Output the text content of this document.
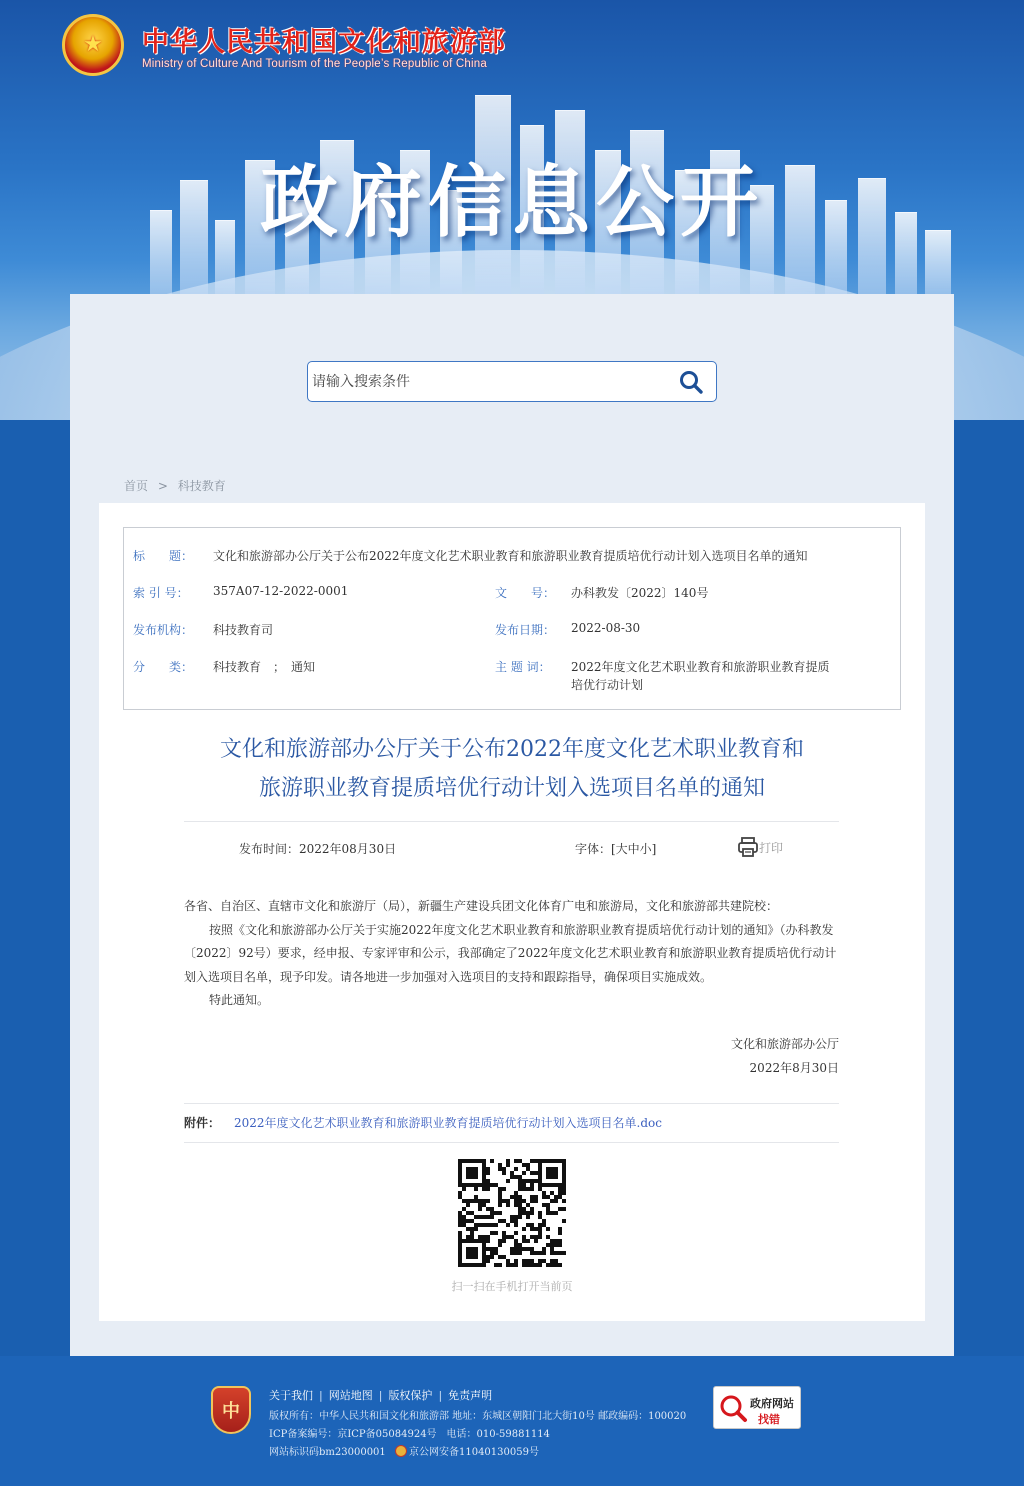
★ 中华人民共和国文化和旅游部
Ministry of Culture And Tourism of the People’s Republic of China
政府信息公开
请输入搜索条件
首页 > 科技教育
标　　题： 文化和旅游部办公厅关于公布2022年度文化艺术职业教育和旅游职业教育提质培优行动计划入选项目名单的通知
索 引 号： 357A07-12-2022-0001	文　　号： 办科教发〔2022〕140号
发布机构： 科技教育司	发布日期： 2022-08-30
分　　类： 科技教育　；　通知	主 题 词： 2022年度文化艺术职业教育和旅游职业教育提质
培优行动计划
文化和旅游部办公厅关于公布2022年度文化艺术职业教育和
旅游职业教育提质培优行动计划入选项目名单的通知
发布时间：2022年08月30日	字体：[大中小]	打印

各省、自治区、直辖市文化和旅游厅（局），新疆生产建设兵团文化体育广电和旅游局，文化和旅游部共建院校：

按照《文化和旅游部办公厅关于实施2022年度文化艺术职业教育和旅游职业教育提质培优行动计划的通知》（办科教发〔2022〕92号）要求，经申报、专家评审和公示，我部确定了2022年度文化艺术职业教育和旅游职业教育提质培优行动计划入选项目名单，现予印发。请各地进一步加强对入选项目的支持和跟踪指导，确保项目实施成效。

特此通知。

文化和旅游部办公厅
2022年8月30日
附件： 2022年度文化艺术职业教育和旅游职业教育提质培优行动计划入选项目名单.doc
扫一扫在手机打开当前页
中
关于我们 | 网站地图 | 版权保护 | 免责声明
版权所有：中华人民共和国文化和旅游部 地址：东城区朝阳门北大街10号 邮政编码：100020
ICP备案编号：京ICP备05084924号　电话：010-59881114
网站标识码bm23000001 京公网安备11040130059号
政府网站
找错
